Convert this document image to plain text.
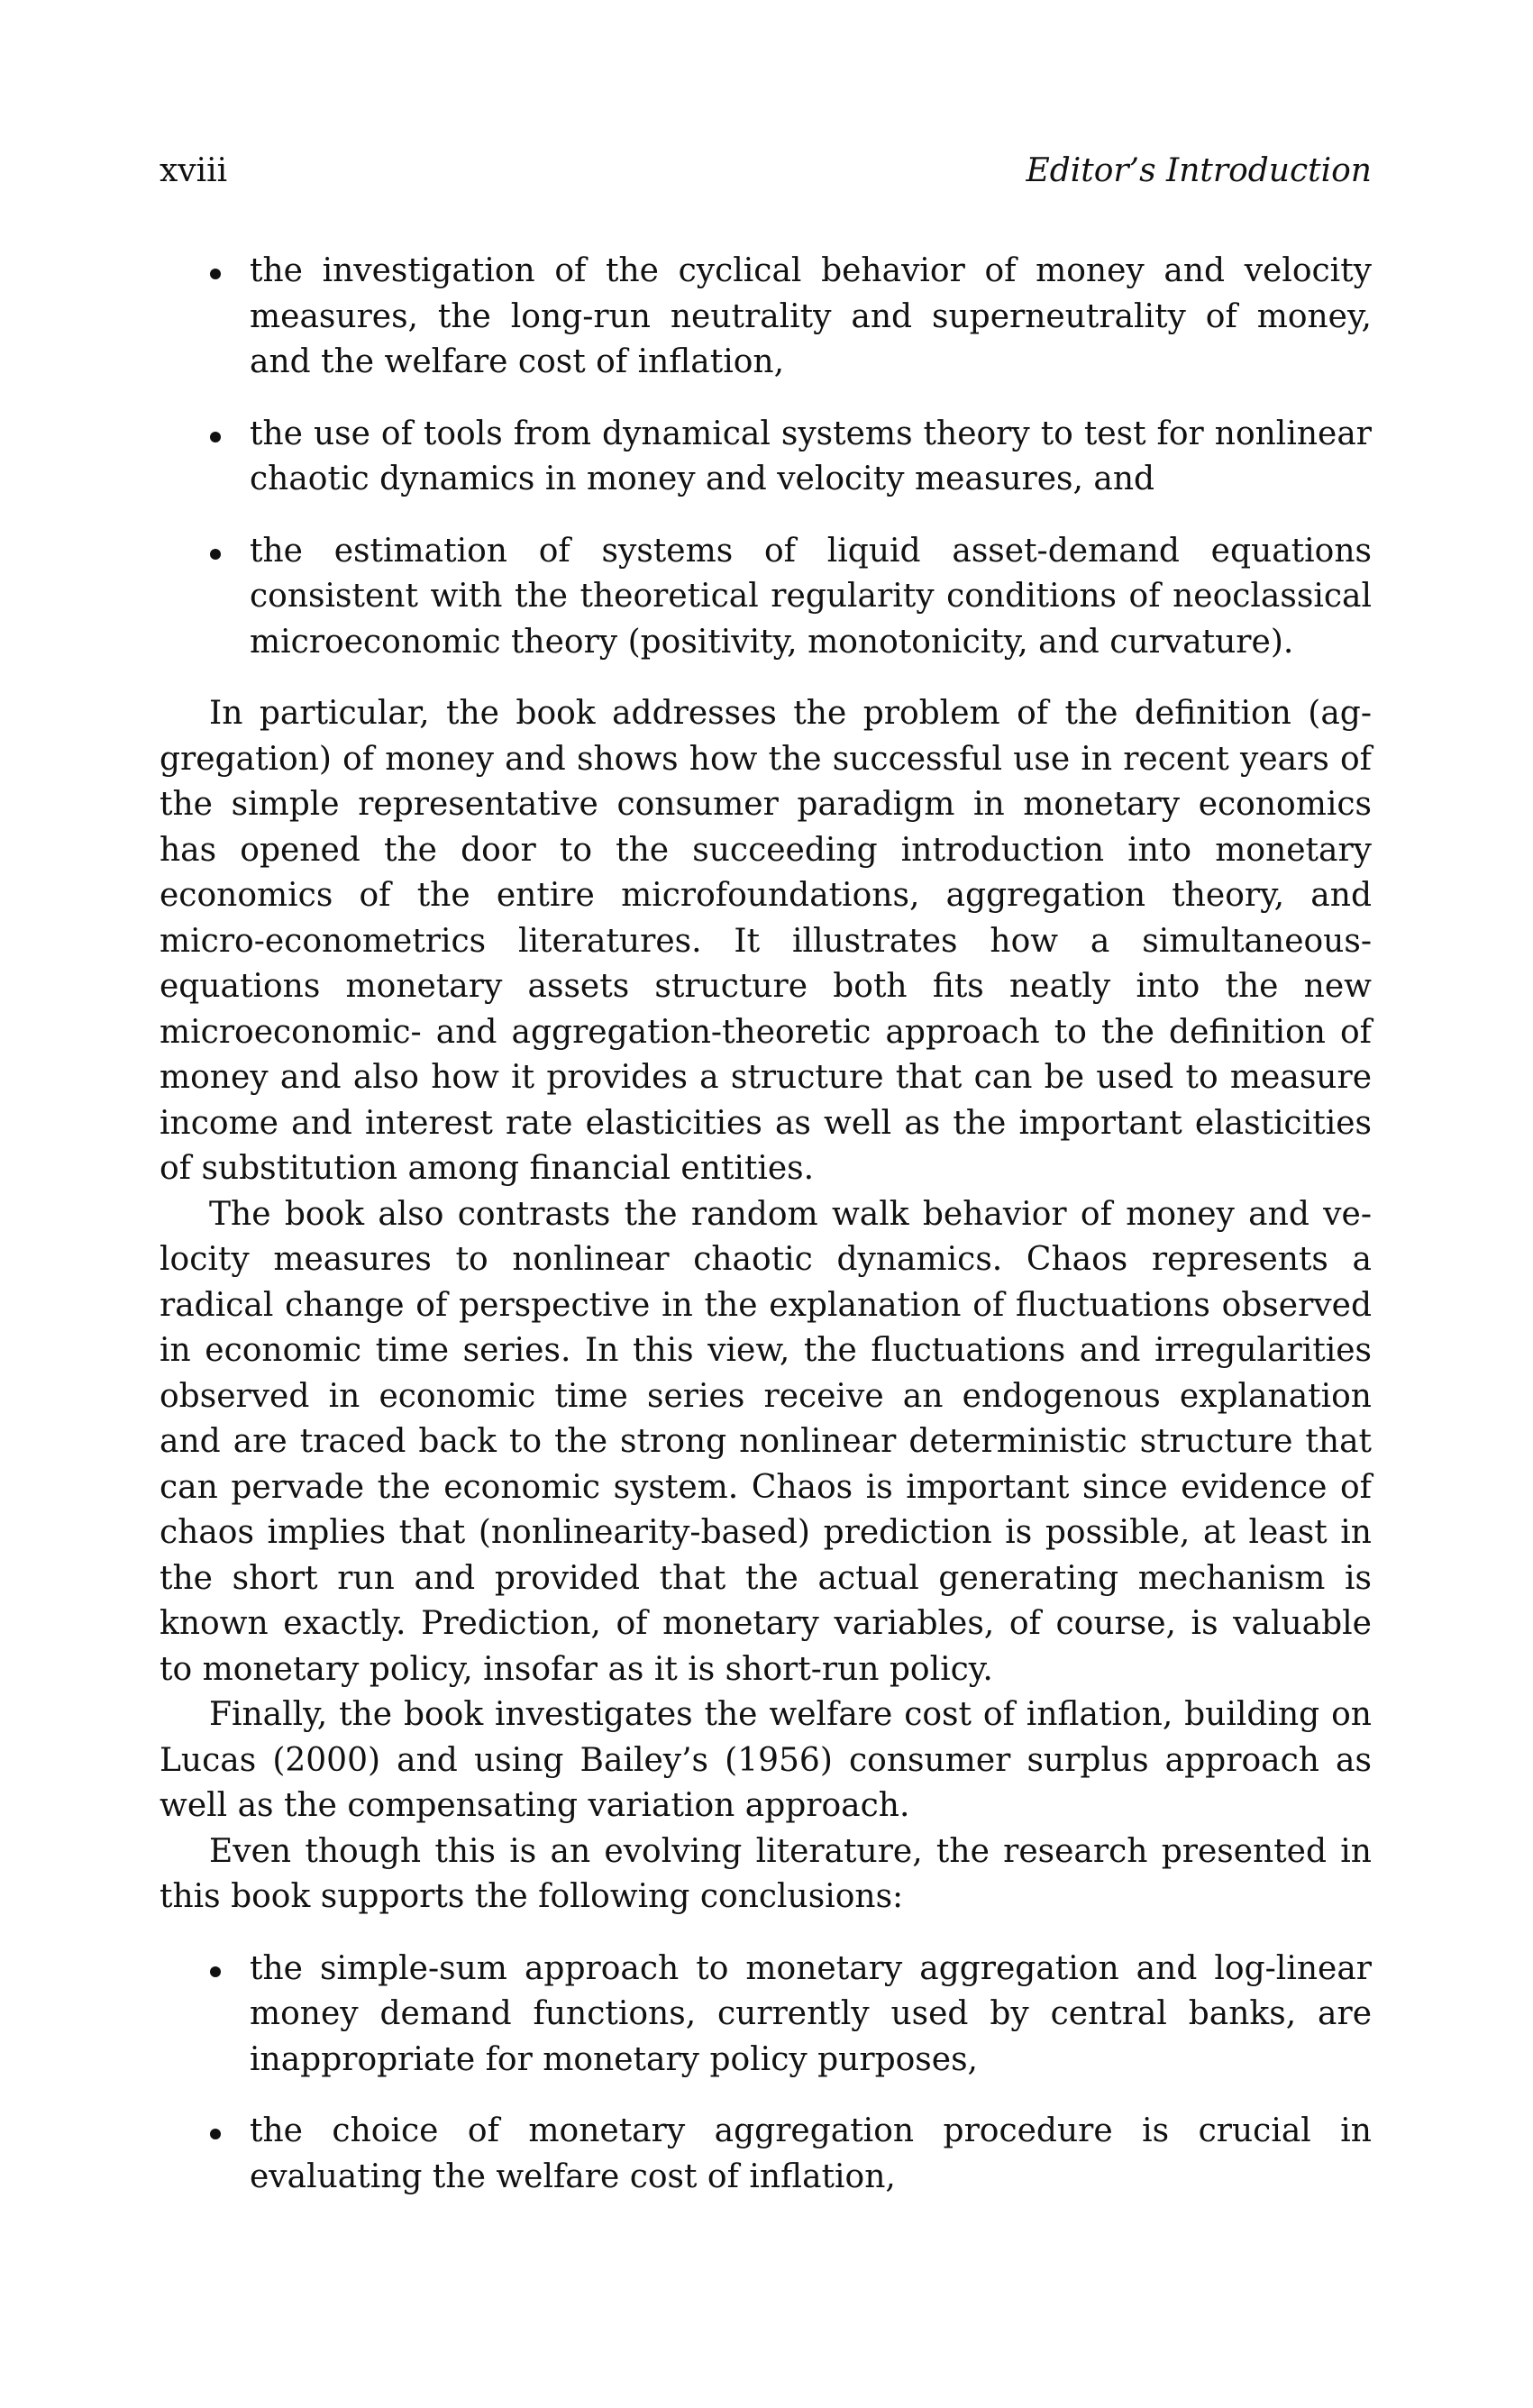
xviii	Editor’s Introduction
the investigation of the cyclical behavior of money and velocity measures, the long-run neutrality and superneutrality of money, and the welfare cost of inflation,
the use of tools from dynamical systems theory to test for nonlinear chaotic dynamics in money and velocity measures, and
the estimation of systems of liquid asset-demand equations consistent with the theoretical regularity conditions of neoclassical microeconomic theory (positivity, monotonicity, and curvature).

In particular, the book addresses the problem of the definition (aggregation) of money and shows how the successful use in recent years of the simple representative consumer paradigm in monetary economics has opened the door to the succeeding introduction into monetary economics of the entire microfoundations, aggregation theory, and micro-econometrics literatures. It illustrates how a simultaneous-equations monetary assets structure both fits neatly into the new microeconomic- and aggregation-theoretic approach to the definition of money and also how it provides a structure that can be used to measure income and interest rate elasticities as well as the important elasticities of substitution among financial entities.

The book also contrasts the random walk behavior of money and velocity measures to nonlinear chaotic dynamics. Chaos represents a radical change of perspective in the explanation of fluctuations observed in economic time series. In this view, the fluctuations and irregularities observed in economic time series receive an endogenous explanation and are traced back to the strong nonlinear deterministic structure that can pervade the economic system. Chaos is important since evidence of chaos implies that (nonlinearity-based) prediction is possible, at least in the short run and provided that the actual generating mechanism is known exactly. Prediction, of monetary variables, of course, is valuable to monetary policy, insofar as it is short-run policy.

Finally, the book investigates the welfare cost of inflation, building on Lucas (2000) and using Bailey’s (1956) consumer surplus approach as well as the compensating variation approach.

Even though this is an evolving literature, the research presented in this book supports the following conclusions:

the simple-sum approach to monetary aggregation and log-linear money demand functions, currently used by central banks, are inappropriate for monetary policy purposes,
the choice of monetary aggregation procedure is crucial in evaluating the welfare cost of inflation,
